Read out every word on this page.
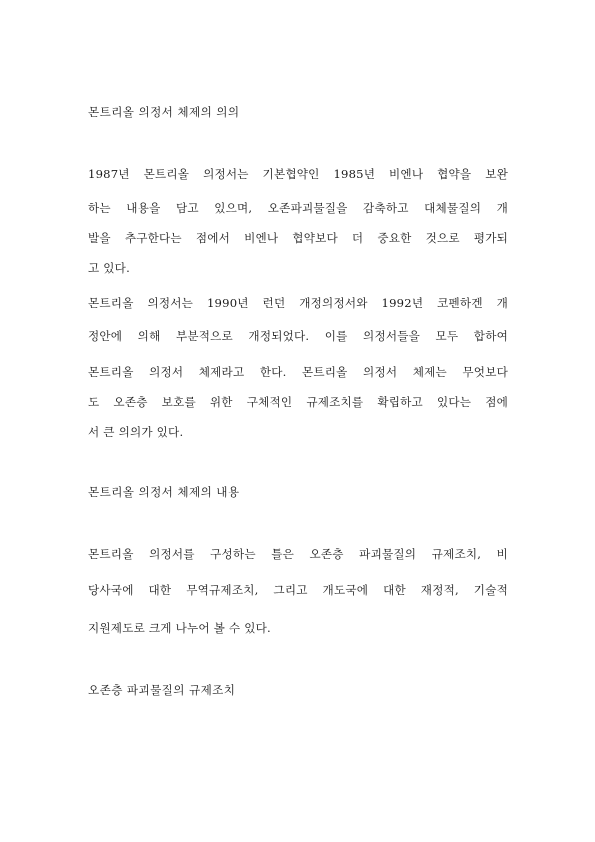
몬트리올 의정서 체제의 의의

1987년 몬트리올 의정서는 기본협약인 1985년 비엔나 협약을 보완

하는 내용을 담고 있으며, 오존파괴물질을 감축하고 대체물질의 개

발을 추구한다는 점에서 비엔나 협약보다 더 중요한 것으로 평가되

고 있다.

몬트리올 의정서는 1990년 런던 개정의정서와 1992년 코펜하겐 개

정안에 의해 부분적으로 개정되었다. 이를 의정서들을 모두 합하여

몬트리올 의정서 체제라고 한다. 몬트리올 의정서 체제는 무엇보다

도 오존층 보호를 위한 구체적인 규제조치를 확립하고 있다는 점에

서 큰 의의가 있다.

몬트리올 의정서 체제의 내용

몬트리올 의정서를 구성하는 틀은 오존층 파괴물질의 규제조치, 비

당사국에 대한 무역규제조치, 그리고 개도국에 대한 재정적, 기술적

지원제도로 크게 나누어 볼 수 있다.

오존층 파괴물질의 규제조치
